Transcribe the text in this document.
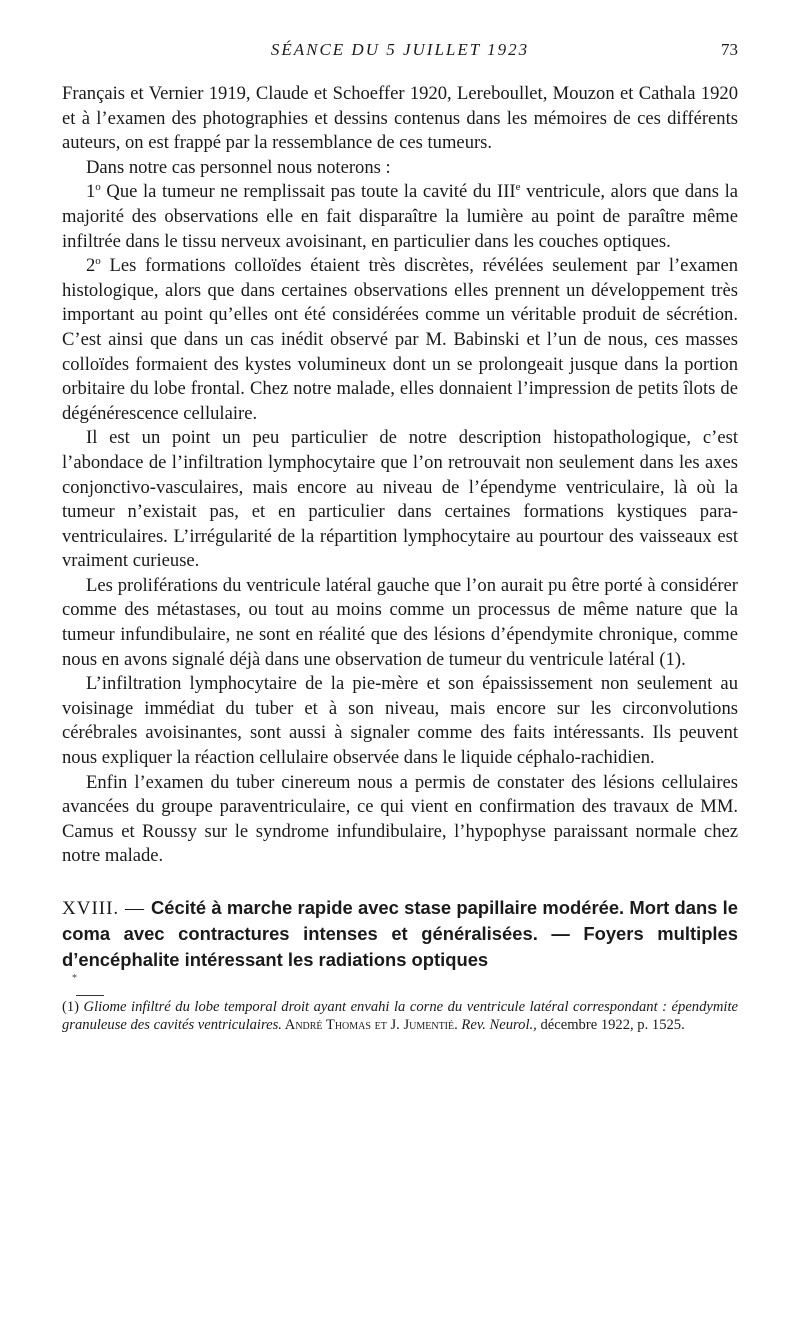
SÉANCE DU 5 JUILLET 1923	73

Français et Vernier 1919, Claude et Schoeffer 1920, Lereboullet, Mouzon et Cathala 1920 et à l’examen des photographies et dessins contenus dans les mémoires de ces différents auteurs, on est frappé par la ressemblance de ces tumeurs.

Dans notre cas personnel nous noterons :

1$^o$ Que la tumeur ne remplissait pas toute la cavité du IIIe ventricule, alors que dans la majorité des observations elle en fait disparaître la lumière au point de paraître même infiltrée dans le tissu nerveux avoisinant, en particulier dans les couches optiques.

2$^o$ Les formations colloïdes étaient très discrètes, révélées seulement par l’examen histologique, alors que dans certaines observations elles prennent un développement très important au point qu’elles ont été considérées comme un véritable produit de sécrétion. C’est ainsi que dans un cas inédit observé par M. Babinski et l’un de nous, ces masses colloïdes formaient des kystes volumineux dont un se prolongeait jusque dans la portion orbitaire du lobe frontal. Chez notre malade, elles donnaient l’impression de petits îlots de dégénérescence cellulaire.

Il est un point un peu particulier de notre description histopathologique, c’est l’abondace de l’infiltration lymphocytaire que l’on retrouvait non seulement dans les axes conjonctivo-vasculaires, mais encore au niveau de l’épendyme ventriculaire, là où la tumeur n’existait pas, et en particulier dans certaines formations kystiques para-ventriculaires. L’irrégularité de la répartition lymphocytaire au pourtour des vaisseaux est vraiment curieuse.

Les proliférations du ventricule latéral gauche que l’on aurait pu être porté à considérer comme des métastases, ou tout au moins comme un processus de même nature que la tumeur infundibulaire, ne sont en réalité que des lésions d’épendymite chronique, comme nous en avons signalé déjà dans une observation de tumeur du ventricule latéral (1).

L’infiltration lymphocytaire de la pie-mère et son épaississement non seulement au voisinage immédiat du tuber et à son niveau, mais encore sur les circonvolutions cérébrales avoisinantes, sont aussi à signaler comme des faits intéressants. Ils peuvent nous expliquer la réaction cellulaire observée dans le liquide céphalo-rachidien.

Enfin l’examen du tuber cinereum nous a permis de constater des lésions cellulaires avancées du groupe paraventriculaire, ce qui vient en confirmation des travaux de MM. Camus et Roussy sur le syndrome infundibulaire, l’hypophyse paraissant normale chez notre malade.

XVIII. — Cécité à marche rapide avec stase papillaire modérée. Mort dans le coma avec contractures intenses et généralisées. — Foyers multiples d’encéphalite intéressant les radiations optiques
*
(1) Gliome infiltré du lobe temporal droit ayant envahi la corne du ventricule latéral correspondant : épendymite granuleuse des cavités ventriculaires. André Thomas et J. Jumentié. Rev. Neurol., décembre 1922, p. 1525.
